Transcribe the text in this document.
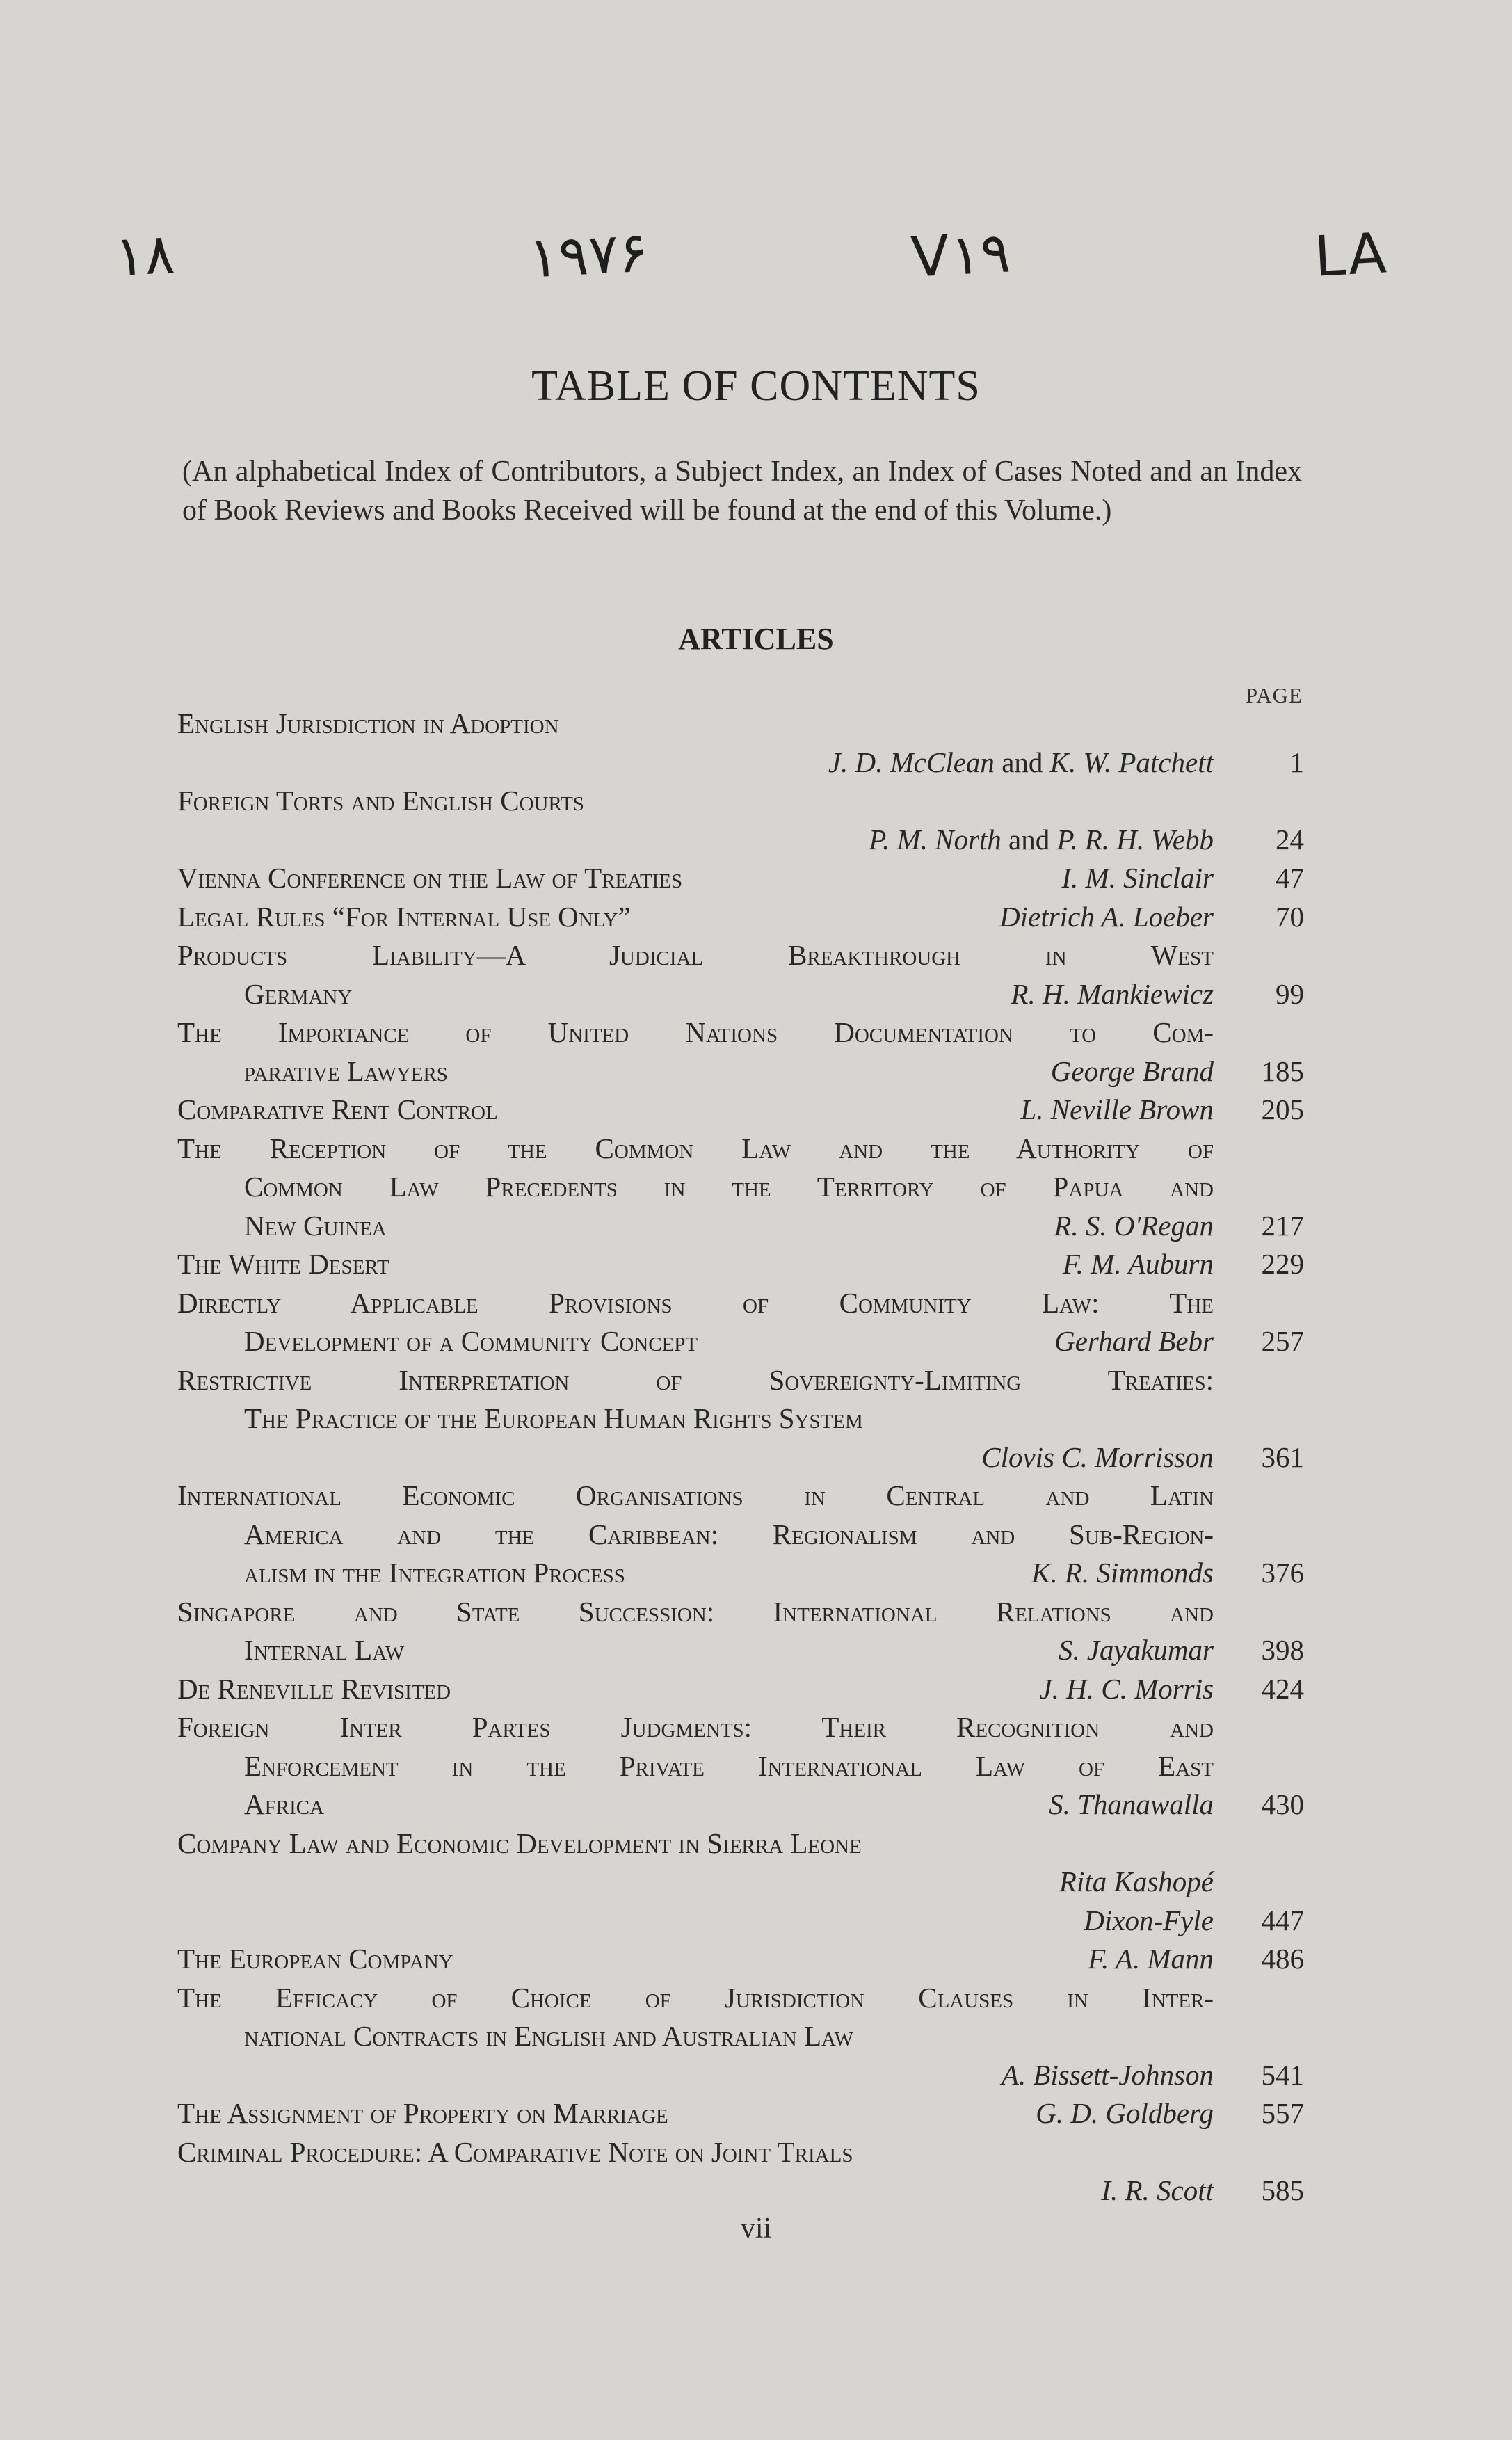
۱۸	۱۹۷۶	V۱۹	LA
TABLE OF CONTENTS
(An alphabetical Index of Contributors, a Subject Index, an Index of Cases Noted and an Index of Book Reviews and Books Received will be found at the end of this Volume.)
ARTICLES
PAGE
English Jurisdiction in Adoption
J. D. McClean and K. W. Patchett	1
Foreign Torts and English Courts
P. M. North and P. R. H. Webb	24
Vienna Conference on the Law of Treaties	I. M. Sinclair	47
Legal Rules “For Internal Use Only”	Dietrich A. Loeber	70
Products Liability—A Judicial Breakthrough in West
Germany	R. H. Mankiewicz	99
The Importance of United Nations Documentation to Com-
parative Lawyers	George Brand	185
Comparative Rent Control	L. Neville Brown	205
The Reception of the Common Law and the Authority of
Common Law Precedents in the Territory of Papua and
New Guinea	R. S. O'Regan	217
The White Desert	F. M. Auburn	229
Directly Applicable Provisions of Community Law: The
Development of a Community Concept	Gerhard Bebr	257
Restrictive Interpretation of Sovereignty-Limiting Treaties:
The Practice of the European Human Rights System
Clovis C. Morrisson	361
International Economic Organisations in Central and Latin
America and the Caribbean: Regionalism and Sub-Region-
alism in the Integration Process	K. R. Simmonds	376
Singapore and State Succession: International Relations and
Internal Law	S. Jayakumar	398
De Reneville Revisited	J. H. C. Morris	424
Foreign Inter Partes Judgments: Their Recognition and
Enforcement in the Private International Law of East
Africa	S. Thanawalla	430
Company Law and Economic Development in Sierra Leone
Rita Kashopé
Dixon-Fyle	447
The European Company	F. A. Mann	486
The Efficacy of Choice of Jurisdiction Clauses in Inter-
national Contracts in English and Australian Law
A. Bissett-Johnson	541
The Assignment of Property on Marriage	G. D. Goldberg	557
Criminal Procedure: A Comparative Note on Joint Trials
I. R. Scott	585
vii
